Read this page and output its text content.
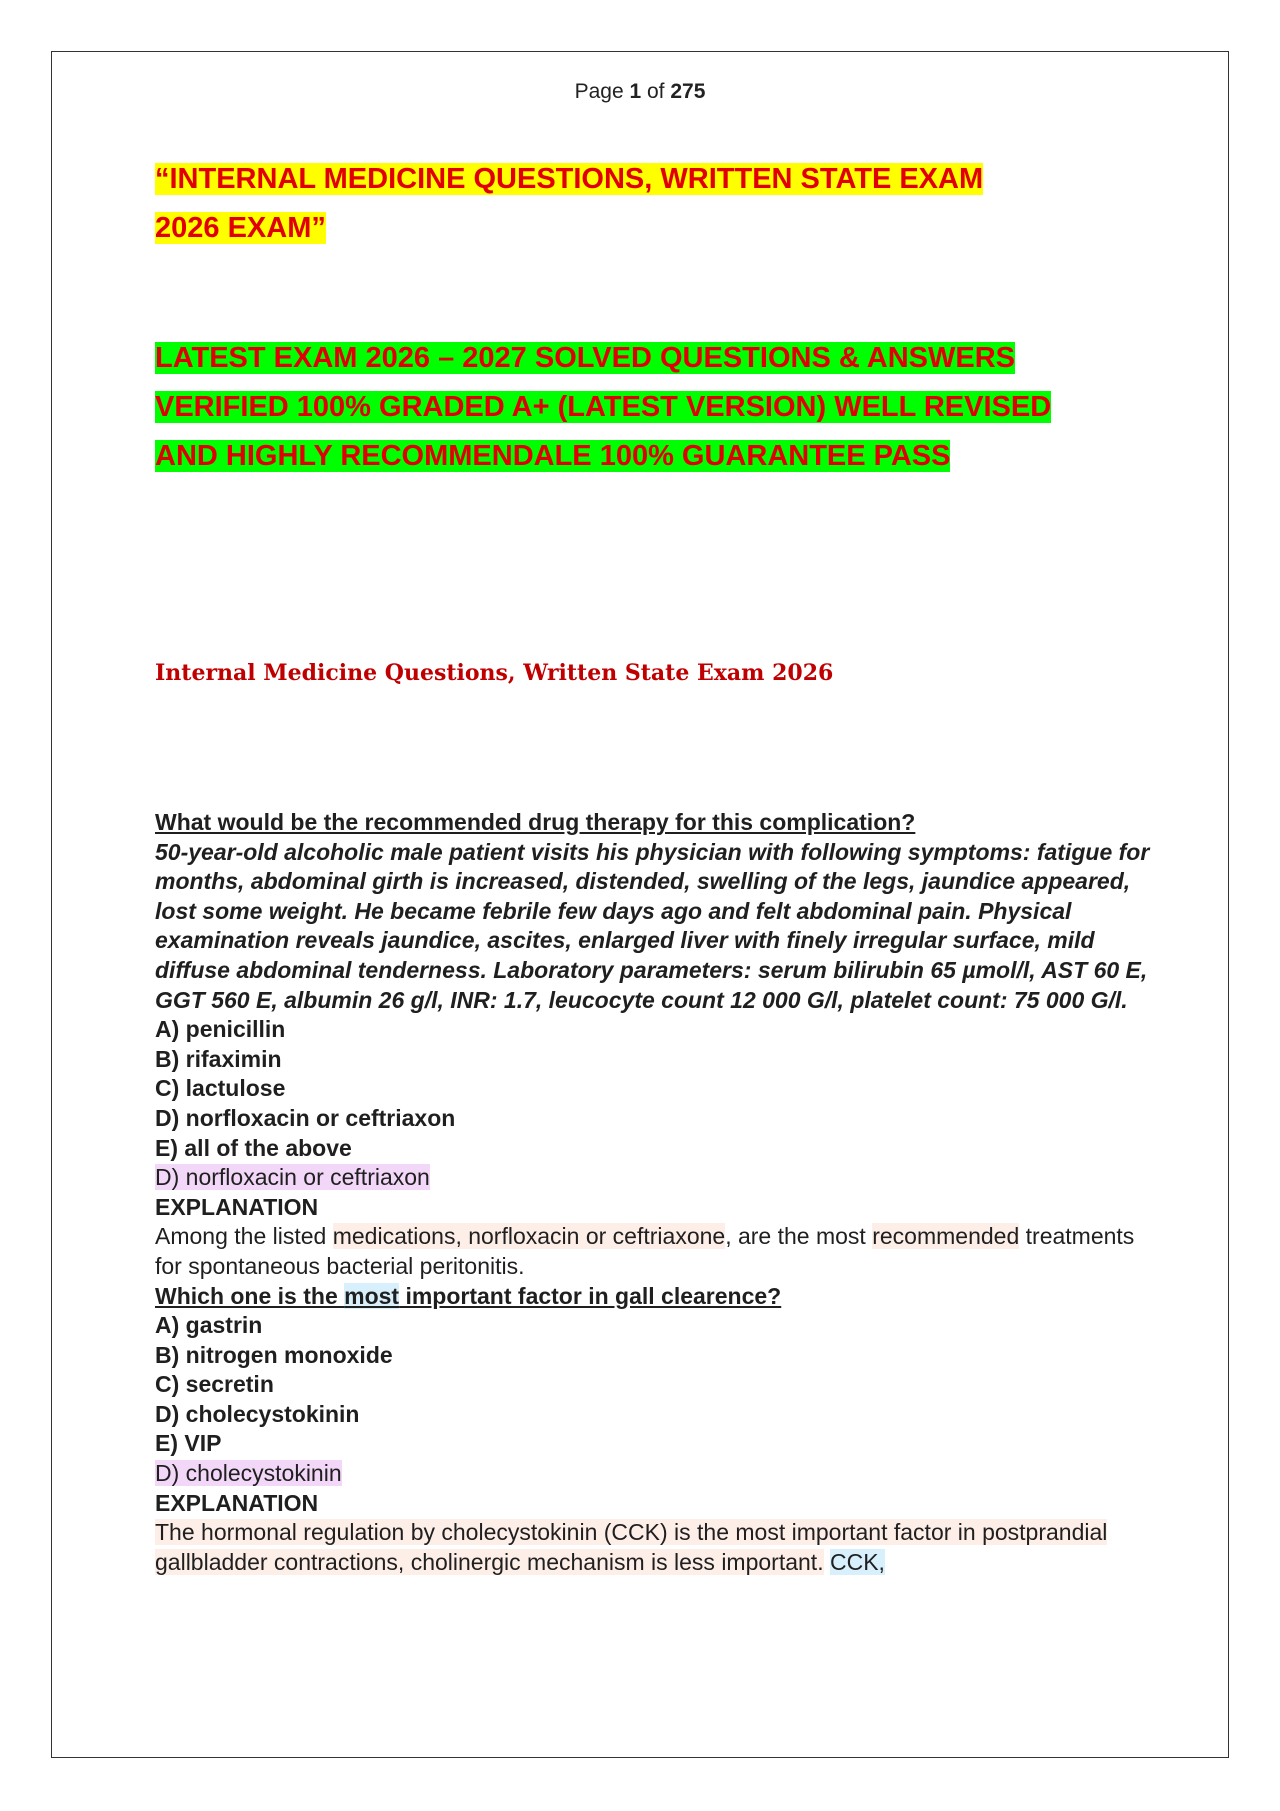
Page 1 of 275
“INTERNAL MEDICINE QUESTIONS, WRITTEN STATE EXAM
2026 EXAM”
LATEST EXAM 2026 – 2027 SOLVED QUESTIONS & ANSWERS
VERIFIED 100% GRADED A+ (LATEST VERSION) WELL REVISED
AND HIGHLY RECOMMENDALE 100% GUARANTEE PASS
Internal Medicine Questions, Written State Exam 2026
What would be the recommended drug therapy for this complication?
50-year-old alcoholic male patient visits his physician with following symptoms: fatigue for months, abdominal girth is increased, distended, swelling of the legs, jaundice appeared, lost some weight. He became febrile few days ago and felt abdominal pain. Physical examination reveals jaundice, ascites, enlarged liver with finely irregular surface, mild diffuse abdominal tenderness. Laboratory parameters: serum bilirubin 65 µmol/l, AST 60 E, GGT 560 E, albumin 26 g/l, INR: 1.7, leucocyte count 12 000 G/l, platelet count: 75 000 G/l.
A) penicillin
B) rifaximin
C) lactulose
D) norfloxacin or ceftriaxon
E) all of the above
D) norfloxacin or ceftriaxon
EXPLANATION
Among the listed medications, norfloxacin or ceftriaxone, are the most recommended treatments for spontaneous bacterial peritonitis.
Which one is the most important factor in gall clearence?
A) gastrin
B) nitrogen monoxide
C) secretin
D) cholecystokinin
E) VIP
D) cholecystokinin
EXPLANATION
The hormonal regulation by cholecystokinin (CCK) is the most important factor in postprandial gallbladder contractions, cholinergic mechanism is less important. CCK,
